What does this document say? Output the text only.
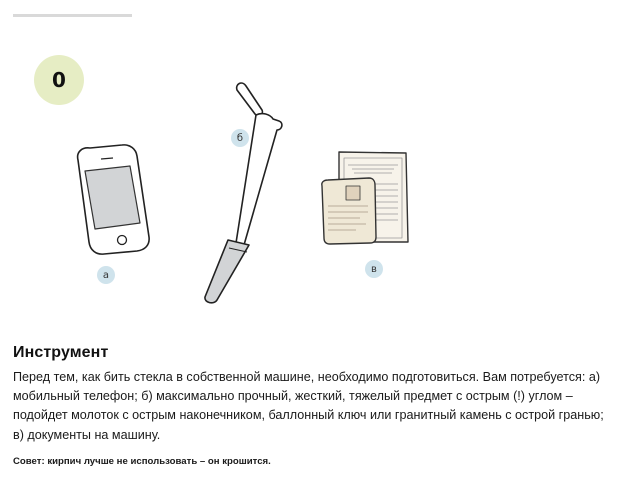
0
а
б
в
Инструмент
Перед тем, как бить стекла в собственной машине, необходимо подготовиться. Вам потребуется: а) мобильный телефон; б) максимально прочный, жесткий, тяжелый предмет с острым (!) углом – подойдет молоток с острым наконечником, баллонный ключ или гранитный камень с острой гранью; в) документы на машину.
Совет: кирпич лучше не использовать – он крошится.
